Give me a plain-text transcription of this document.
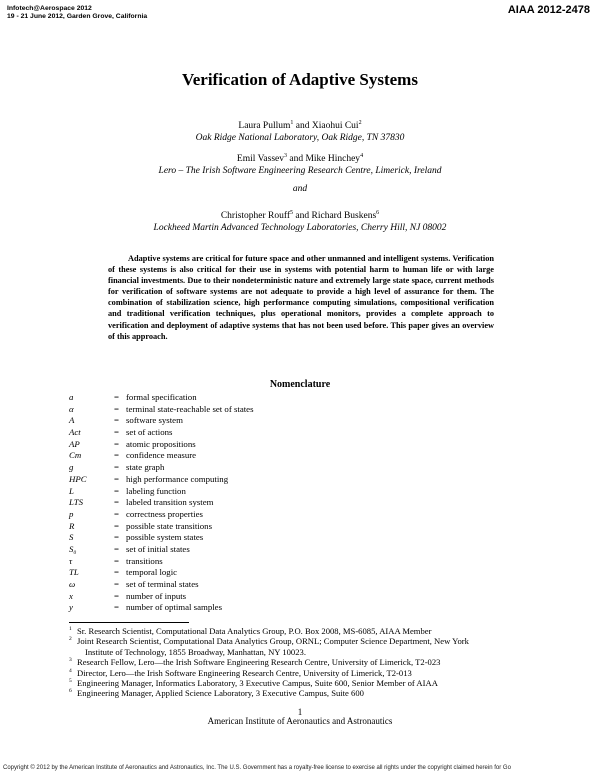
Infotech@Aerospace 2012
19 - 21 June 2012, Garden Grove, California
AIAA 2012-2478
Verification of Adaptive Systems
Laura Pullum$^1$ and Xiaohui Cui$^2$
Oak Ridge National Laboratory, Oak Ridge, TN 37830
Emil Vassev$^3$ and Mike Hinchey$^4$
Lero – The Irish Software Engineering Research Centre, Limerick, Ireland
and
Christopher Rouff$^5$ and Richard Buskens$^6$
Lockheed Martin Advanced Technology Laboratories, Cherry Hill, NJ 08002

Adaptive systems are critical for future space and other unmanned and intelligent systems. Verification of these systems is also critical for their use in systems with potential harm to human life or with large financial investments. Due to their nondeterministic nature and extremely large state space, current methods for verification of software systems are not adequate to provide a high level of assurance for them. The combination of stabilization science, high performance computing simulations, compositional verification and traditional verification techniques, plus operational monitors, provides a complete approach to verification and deployment of adaptive systems that has not been used before. This paper gives an overview of this approach.

Nomenclature
a	= formal specification
α	= terminal state-reachable set of states
A	= software system
Act	= set of actions
AP	= atomic propositions
Cm	= confidence measure
g	= state graph
HPC	= high performance computing
L	= labeling function
LTS	= labeled transition system
p	= correctness properties
R	= possible state transitions
S	= possible system states
S₀	= set of initial states
τ	= transitions
TL	= temporal logic
ω	= set of terminal states
x	= number of inputs
y	= number of optimal samples
1 Sr. Research Scientist, Computational Data Analytics Group, P.O. Box 2008, MS-6085, AIAA Member
2 Joint Research Scientist, Computational Data Analytics Group, ORNL; Computer Science Department, New York
Institute of Technology, 1855 Broadway, Manhattan, NY 10023.
3 Research Fellow, Lero—the Irish Software Engineering Research Centre, University of Limerick, T2-023
4 Director, Lero—the Irish Software Engineering Research Centre, University of Limerick, T2-013
5 Engineering Manager, Informatics Laboratory, 3 Executive Campus, Suite 600, Senior Member of AIAA
6 Engineering Manager, Applied Science Laboratory, 3 Executive Campus, Suite 600
1
American Institute of Aeronautics and Astronautics
Copyright © 2012 by the American Institute of Aeronautics and Astronautics, Inc. The U.S. Government has a royalty-free license to exercise all rights under the copyright claimed herein for Go
